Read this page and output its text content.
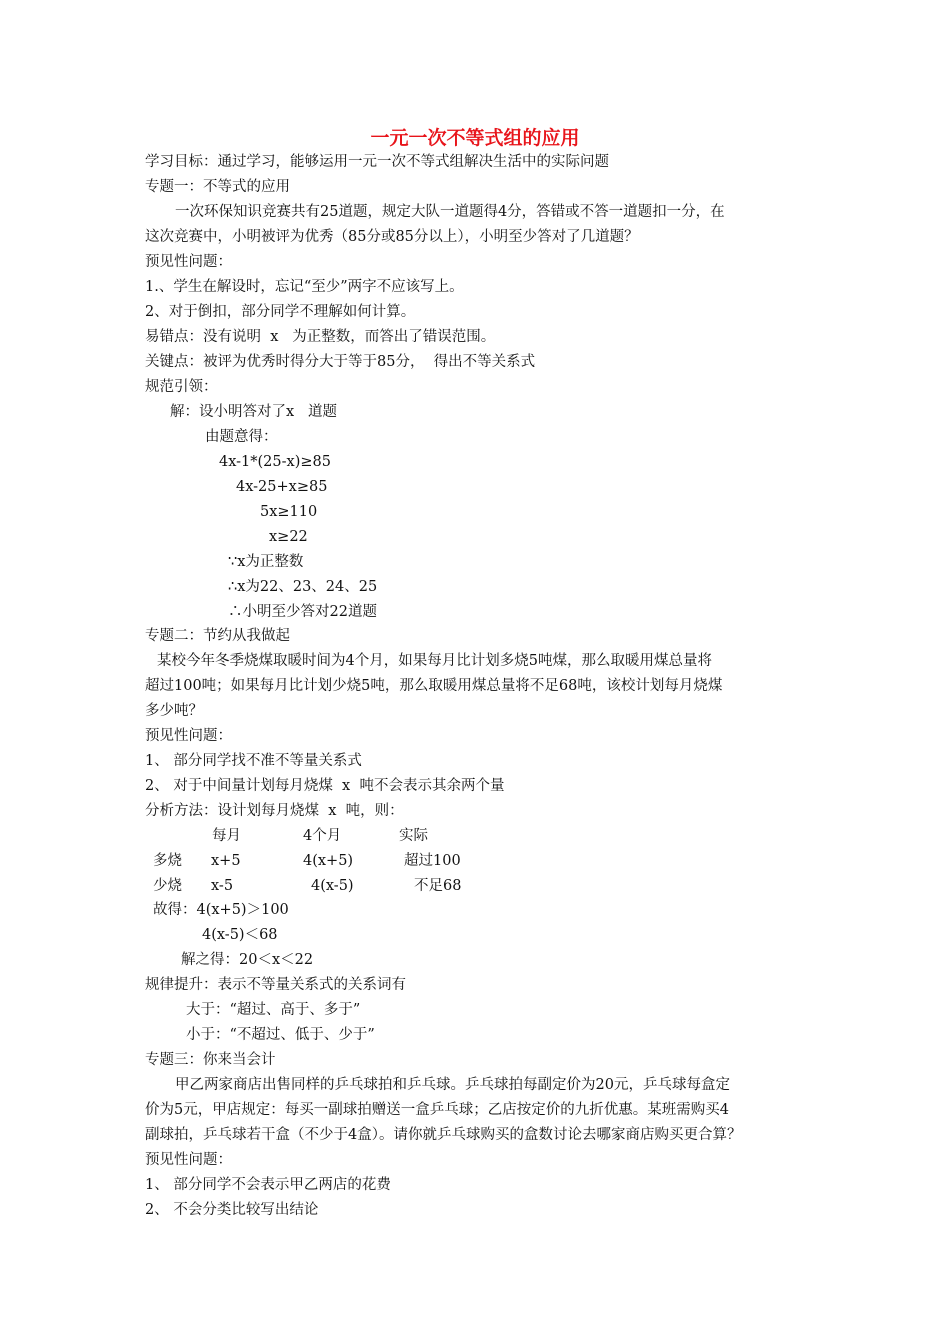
一元一次不等式组的应用
学习目标：通过学习，能够运用一元一次不等式组解决生活中的实际问题
专题一：不等式的应用
一次环保知识竞赛共有25道题，规定大队一道题得4分，答错或不答一道题扣一分，在
这次竞赛中，小明被评为优秀（85分或85分以上），小明至少答对了几道题？
预见性问题：
1.、学生在解设时，忘记“至少”两字不应该写上。
2、对于倒扣，部分同学不理解如何计算。
易错点：没有说明  x   为正整数，而答出了错误范围。
关键点：被评为优秀时得分大于等于85分，  得出不等关系式
规范引领：
解：设小明答对了x   道题
由题意得：
4x-1*(25-x)≥85
4x-25+x≥85
5x≥110
x≥22
∵x为正整数
∴x为22、23、24、25
∴小明至少答对22道题
专题二：节约从我做起
某校今年冬季烧煤取暖时间为4个月，如果每月比计划多烧5吨煤，那么取暖用煤总量将
超过100吨；如果每月比计划少烧5吨，那么取暖用煤总量将不足68吨，该校计划每月烧煤
多少吨？
预见性问题：
1、 部分同学找不准不等量关系式
2、 对于中间量计划每月烧煤  x  吨不会表示其余两个量
分析方法：设计划每月烧煤  x  吨，则：
每月	4个月	实际
多烧 x+5	4(x+5)	超过100
少烧 x-5	4(x-5)	不足68
故得：4(x+5)＞100
4(x-5)＜68
解之得：20＜x＜22
规律提升：表示不等量关系式的关系词有
大于：“超过、高于、多于”
小于：“不超过、低于、少于”
专题三：你来当会计
甲乙两家商店出售同样的乒乓球拍和乒乓球。乒乓球拍每副定价为20元，乒乓球每盒定
价为5元，甲店规定：每买一副球拍赠送一盒乒乓球；乙店按定价的九折优惠。某班需购买4
副球拍，乒乓球若干盒（不少于4盒）。请你就乒乓球购买的盒数讨论去哪家商店购买更合算？
预见性问题：
1、 部分同学不会表示甲乙两店的花费
2、 不会分类比较写出结论
